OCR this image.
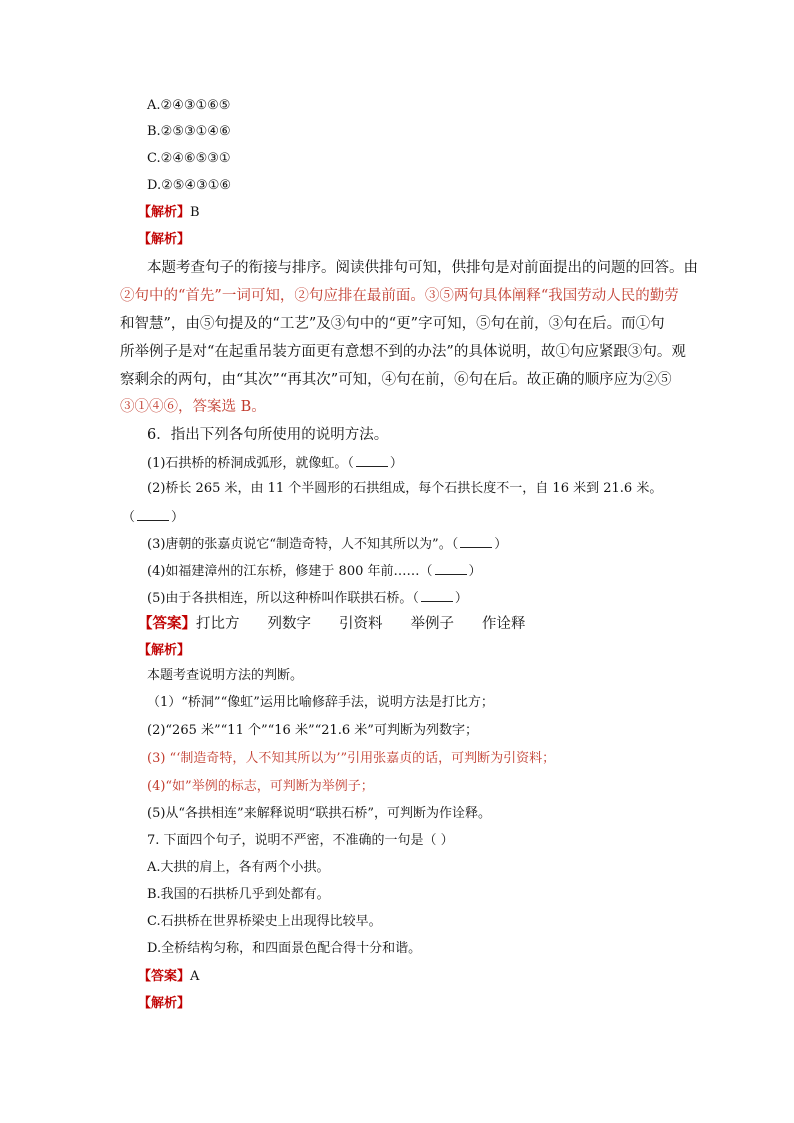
A.②④③①⑥⑤
B.②⑤③①④⑥
C.②④⑥⑤③①
D.②⑤④③①⑥
【解析】B
【解析】
本题考查句子的衔接与排序。阅读供排句可知，供排句是对前面提出的问题的回答。由
②句中的“首先”一词可知，②句应排在最前面。③⑤两句具体阐释“我国劳动人民的勤劳
和智慧”，由⑤句提及的“工艺”及③句中的“更”字可知，⑤句在前，③句在后。而①句
所举例子是对“在起重吊装方面更有意想不到的办法”的具体说明，故①句应紧跟③句。观
察剩余的两句，由“其次”“再其次”可知，④句在前，⑥句在后。故正确的顺序应为②⑤
③①④⑥，答案选 B。
6．指出下列各句所使用的说明方法。
(1)石拱桥的桥洞成弧形，就像虹。（	）
(2)桥长 265 米，由 11 个半圆形的石拱组成，每个石拱长度不一，自 16 米到 21.6 米。
（	）
(3)唐朝的张嘉贞说它“制造奇特，人不知其所以为”。（	）
(4)如福建漳州的江东桥，修建于 800 年前……（	）
(5)由于各拱相连，所以这种桥叫作联拱石桥。（	）
【答案】打比方 列数字 引资料 举例子 作诠释
【解析】
本题考查说明方法的判断。
（1）“桥洞”“像虹”运用比喻修辞手法，说明方法是打比方；
(2)“265 米”“11 个”“16 米”“21.6 米”可判断为列数字；
(3) “‘制造奇特，人不知其所以为’”引用张嘉贞的话，可判断为引资料；
(4)“如”举例的标志，可判断为举例子；
(5)从“各拱相连”来解释说明“联拱石桥”，可判断为作诠释。
7. 下面四个句子，说明不严密，不准确的一句是（ ）
A.大拱的肩上，各有两个小拱。
B.我国的石拱桥几乎到处都有。
C.石拱桥在世界桥梁史上出现得比较早。
D.全桥结构匀称，和四面景色配合得十分和谐。
【答案】A
【解析】
